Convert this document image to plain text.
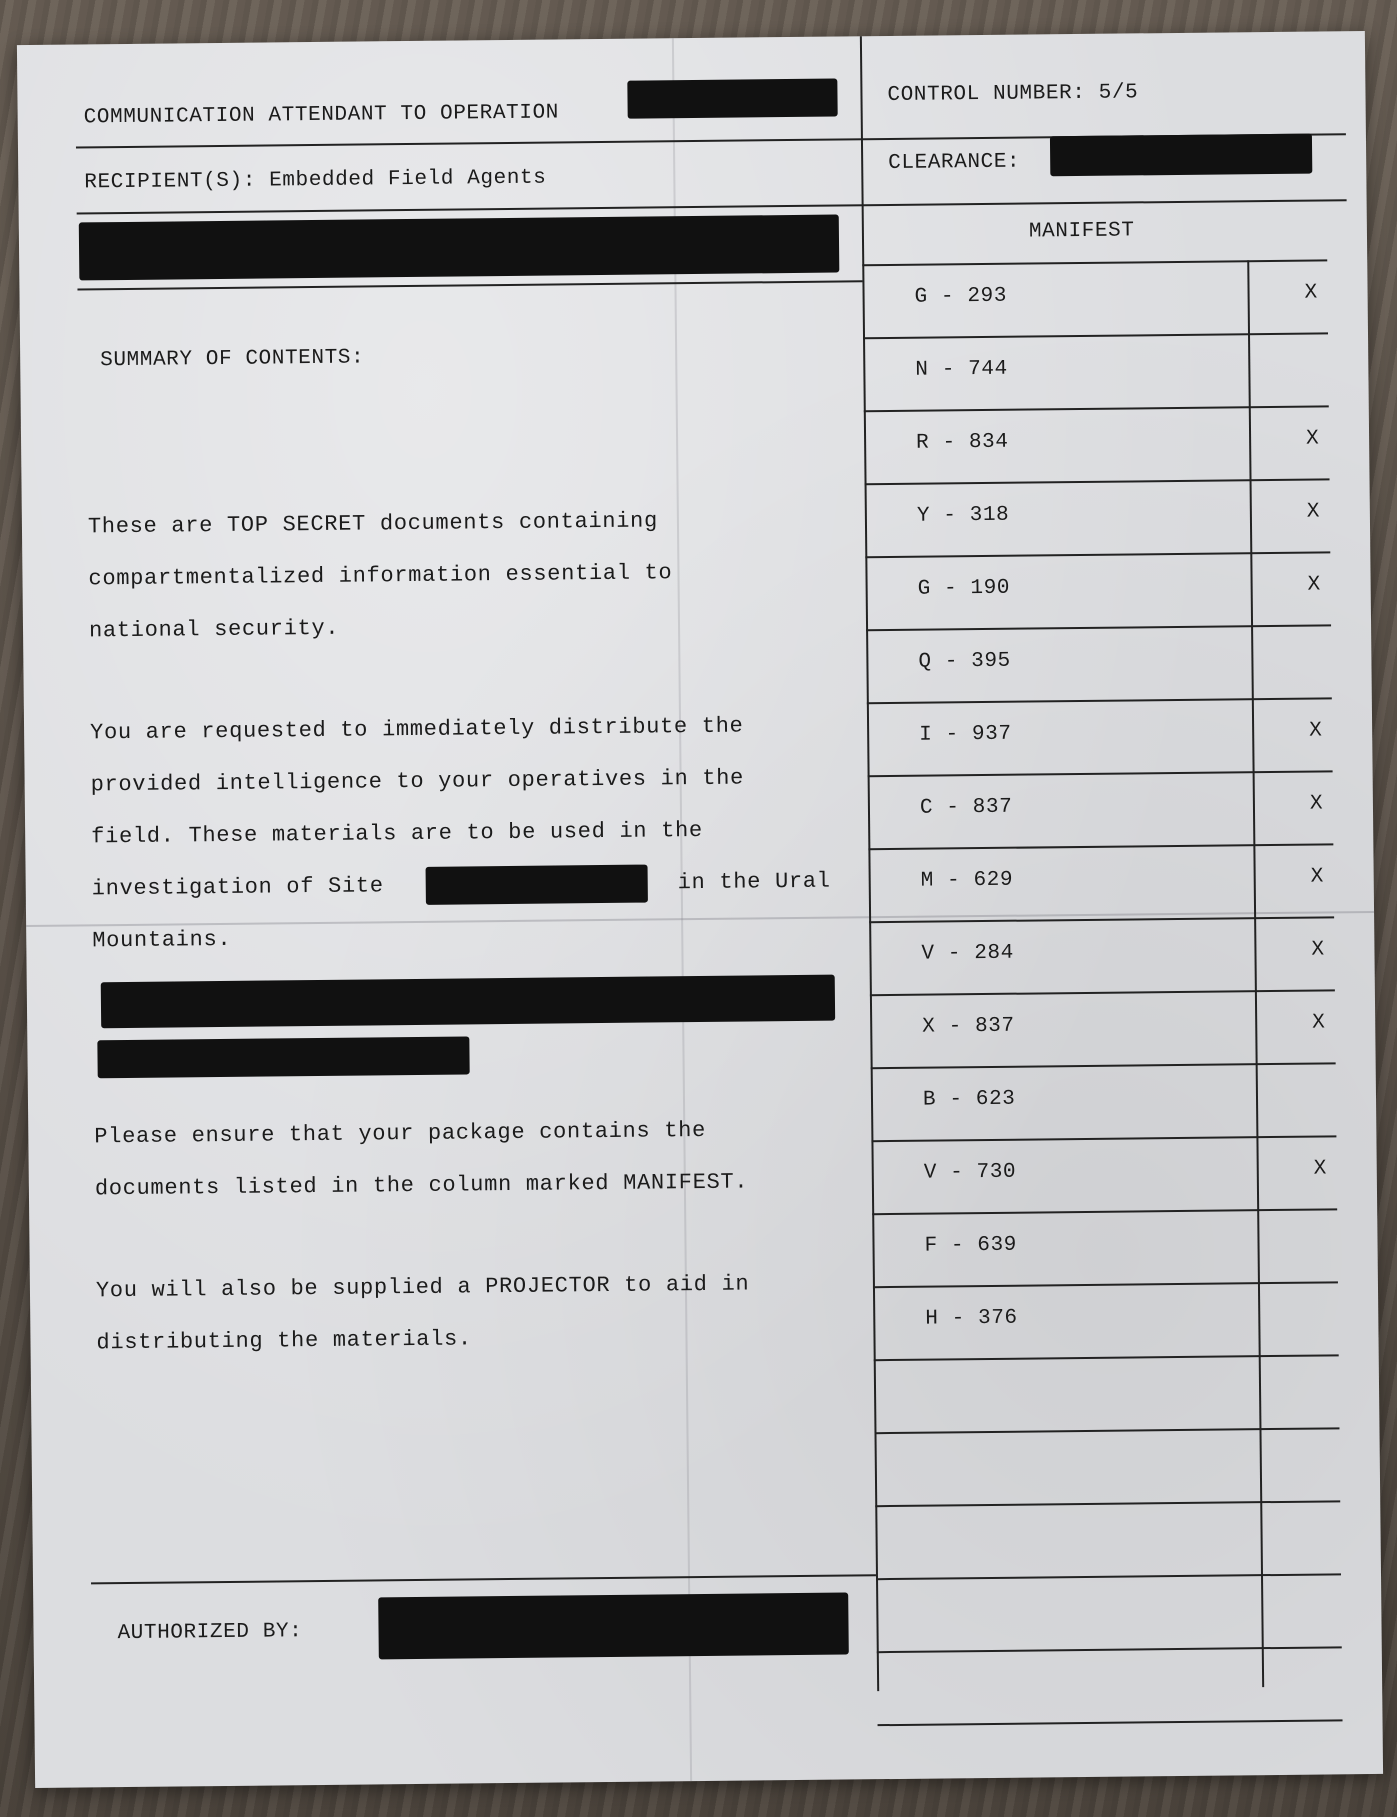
COMMUNICATION ATTENDANT TO OPERATION
CONTROL NUMBER: 5/5
RECIPIENT(S): Embedded Field Agents
CLEARANCE:
MANIFEST
G - 293	X
N - 744
R - 834	X
Y - 318	X
G - 190	X
Q - 395
I - 937	X
C - 837	X
M - 629	X
V - 284	X
X - 837	X
B - 623
V - 730	X
F - 639
H - 376
SUMMARY OF CONTENTS:
These are TOP SECRET documents containing
compartmentalized information essential to
national security.
You are requested to immediately distribute the
provided intelligence to your operatives in the
field. These materials are to be used in the
investigation of Site	in the Ural
Mountains.
Please ensure that your package contains the
documents listed in the column marked MANIFEST.
You will also be supplied a PROJECTOR to aid in
distributing the materials.
AUTHORIZED BY:
